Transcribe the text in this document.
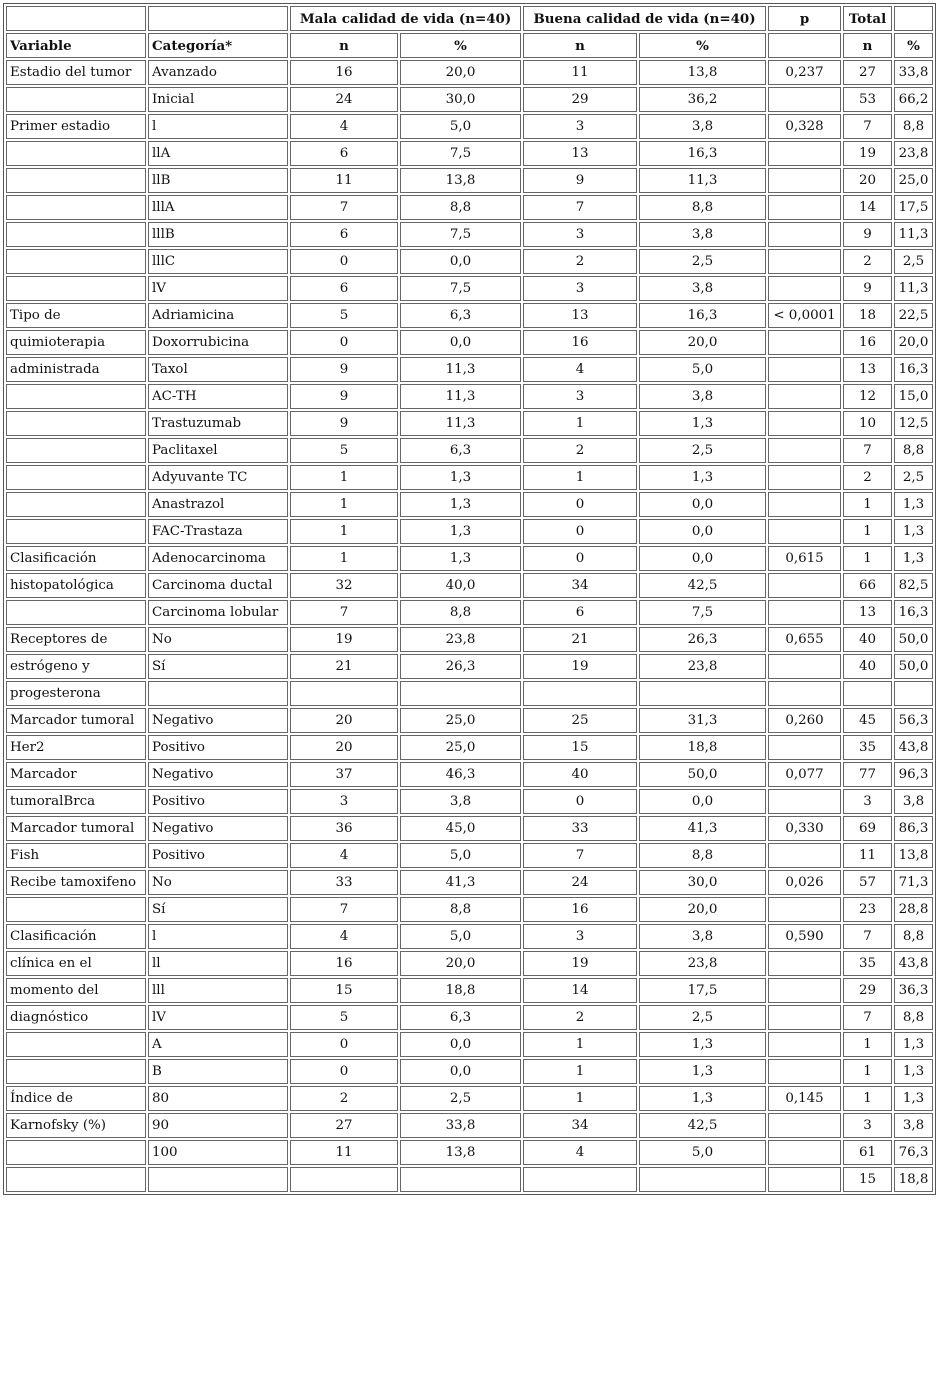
		Mala calidad de vida (n=40)		Buena calidad de vida (n=40)		p	Total	
Variable	Categoría*	n	%	n	%		n	%
Estadio del tumor	Avanzado	16	20,0	11	13,8	0,237	27	33,8
	Inicial	24	30,0	29	36,2		53	66,2
Primer estadio	l	4	5,0	3	3,8	0,328	7	8,8
	llA	6	7,5	13	16,3		19	23,8
	llB	11	13,8	9	11,3		20	25,0
	lllA	7	8,8	7	8,8		14	17,5
	lllB	6	7,5	3	3,8		9	11,3
	lllC	0	0,0	2	2,5		2	2,5
	lV	6	7,5	3	3,8		9	11,3
Tipo de	Adriamicina	5	6,3	13	16,3	< 0,0001	18	22,5
quimioterapia	Doxorrubicina	0	0,0	16	20,0		16	20,0
administrada	Taxol	9	11,3	4	5,0		13	16,3
	AC-TH	9	11,3	3	3,8		12	15,0
	Trastuzumab	9	11,3	1	1,3		10	12,5
	Paclitaxel	5	6,3	2	2,5		7	8,8
	Adyuvante TC	1	1,3	1	1,3		2	2,5
	Anastrazol	1	1,3	0	0,0		1	1,3
	FAC-Trastaza	1	1,3	0	0,0		1	1,3
Clasificación	Adenocarcinoma	1	1,3	0	0,0	0,615	1	1,3
histopatológica	Carcinoma ductal	32	40,0	34	42,5		66	82,5
	Carcinoma lobular	7	8,8	6	7,5		13	16,3
Receptores de	No	19	23,8	21	26,3	0,655	40	50,0
estrógeno y	Sí	21	26,3	19	23,8		40	50,0
progesterona								
Marcador tumoral	Negativo	20	25,0	25	31,3	0,260	45	56,3
Her2	Positivo	20	25,0	15	18,8		35	43,8
Marcador	Negativo	37	46,3	40	50,0	0,077	77	96,3
tumoralBrca	Positivo	3	3,8	0	0,0		3	3,8
Marcador tumoral	Negativo	36	45,0	33	41,3	0,330	69	86,3
Fish	Positivo	4	5,0	7	8,8		11	13,8
Recibe tamoxifeno	No	33	41,3	24	30,0	0,026	57	71,3
	Sí	7	8,8	16	20,0		23	28,8
Clasificación	l	4	5,0	3	3,8	0,590	7	8,8
clínica en el	ll	16	20,0	19	23,8		35	43,8
momento del	lll	15	18,8	14	17,5		29	36,3
diagnóstico	lV	5	6,3	2	2,5		7	8,8
	A	0	0,0	1	1,3		1	1,3
	B	0	0,0	1	1,3		1	1,3
Índice de	80	2	2,5	1	1,3	0,145	1	1,3
Karnofsky (%)	90	27	33,8	34	42,5		3	3,8
	100	11	13,8	4	5,0		61	76,3
							15	18,8
